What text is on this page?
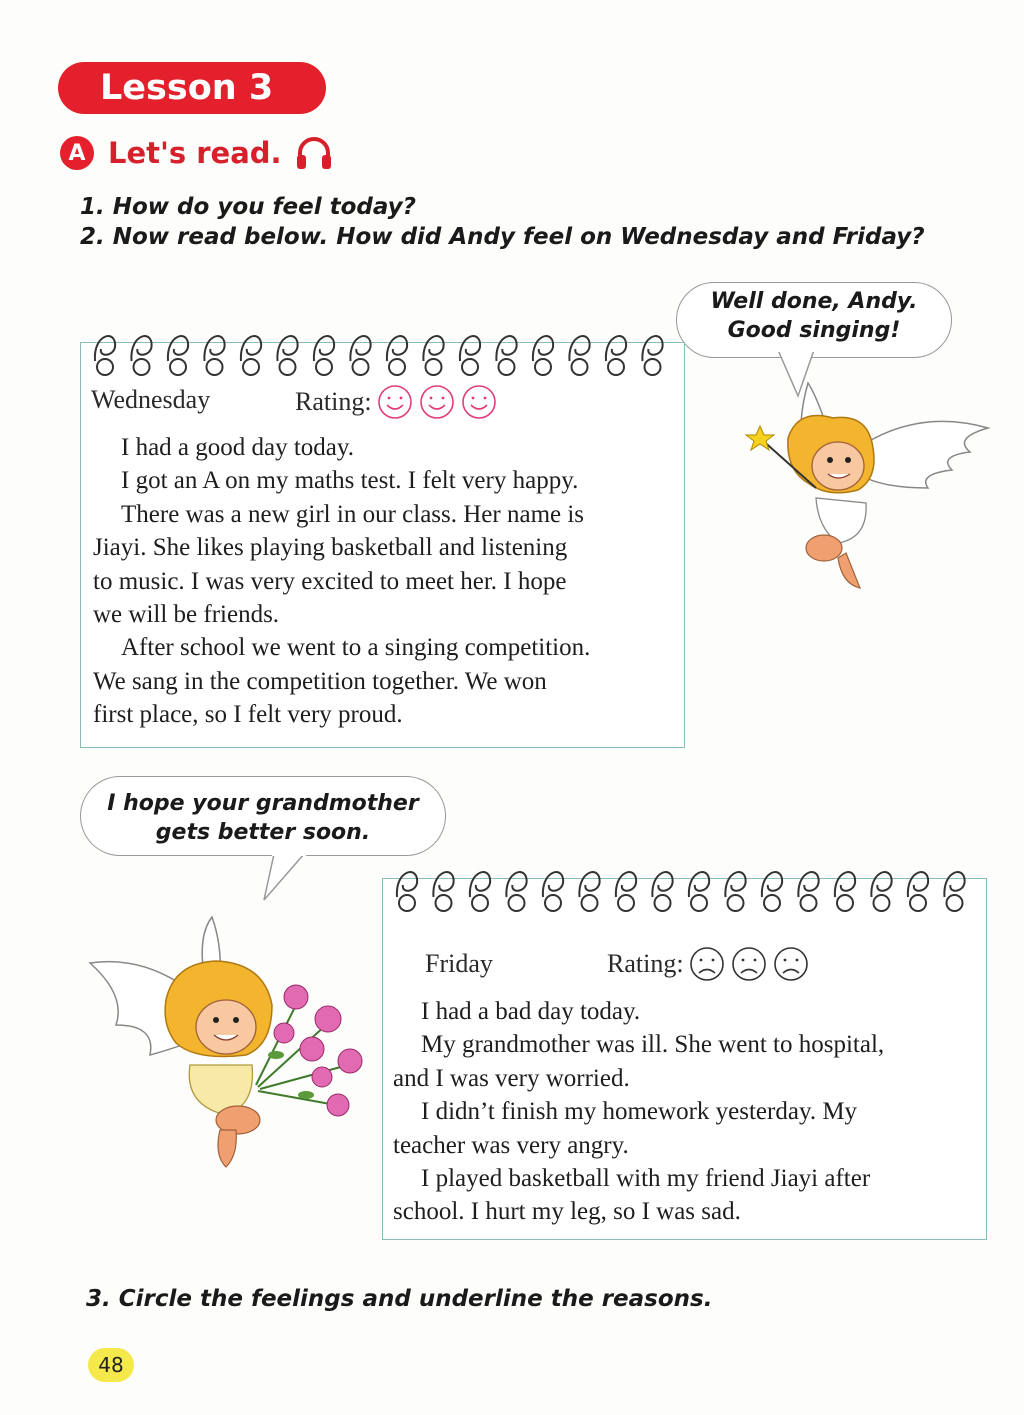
Lesson 3
A Let's read.
1. How do you feel today?
2. Now read below. How did Andy feel on Wednesday and Friday?
Well done, Andy.
Good singing!
Wednesday	Rating:

I had a good day today.

I got an A on my maths test. I felt very happy.

There was a new girl in our class. Her name is

Jiayi. She likes playing basketball and listening

to music. I was very excited to meet her. I hope

we will be friends.

After school we went to a singing competition.

We sang in the competition together. We won

first place, so I felt very proud.

I hope your grandmother
gets better soon.
Friday	Rating:

I had a bad day today.

My grandmother was ill. She went to hospital,

and I was very worried.

I didn’t finish my homework yesterday. My

teacher was very angry.

I played basketball with my friend Jiayi after

school. I hurt my leg, so I was sad.

3. Circle the feelings and underline the reasons.
48
